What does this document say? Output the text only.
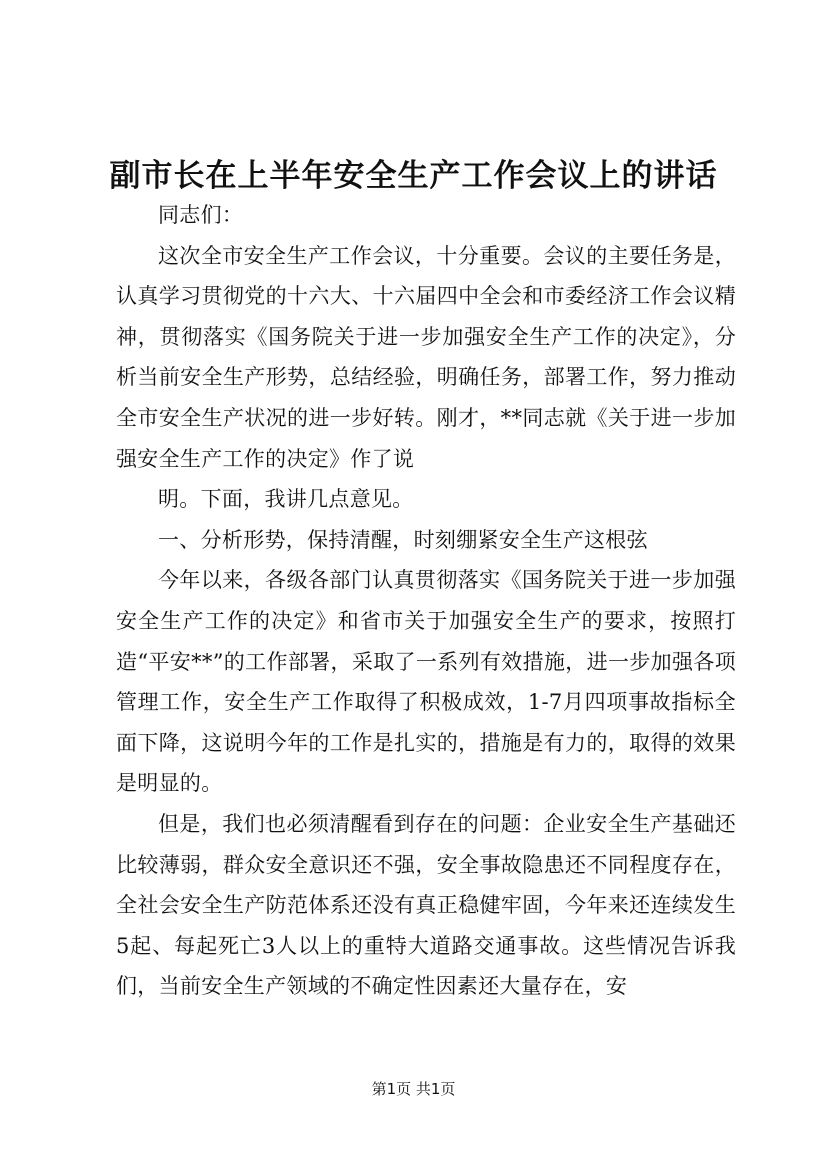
副市长在上半年安全生产工作会议上的讲话

同志们：

这次全市安全生产工作会议，十分重要。会议的主要任务是，认真学习贯彻党的十六大、十六届四中全会和市委经济工作会议精神，贯彻落实《国务院关于进一步加强安全生产工作的决定》，分析当前安全生产形势，总结经验，明确任务，部署工作，努力推动全市安全生产状况的进一步好转。刚才，**同志就《关于进一步加强安全生产工作的决定》作了说

明。下面，我讲几点意见。

一、分析形势，保持清醒，时刻绷紧安全生产这根弦

今年以来，各级各部门认真贯彻落实《国务院关于进一步加强安全生产工作的决定》和省市关于加强安全生产的要求，按照打造“平安**”的工作部署，采取了一系列有效措施，进一步加强各项管理工作，安全生产工作取得了积极成效，1-7月四项事故指标全面下降，这说明今年的工作是扎实的，措施是有力的，取得的效果是明显的。

但是，我们也必须清醒看到存在的问题：企业安全生产基础还比较薄弱，群众安全意识还不强，安全事故隐患还不同程度存在，全社会安全生产防范体系还没有真正稳健牢固，今年来还连续发生5起、每起死亡3人以上的重特大道路交通事故。这些情况告诉我们，当前安全生产领域的不确定性因素还大量存在，安

第1页 共1页
